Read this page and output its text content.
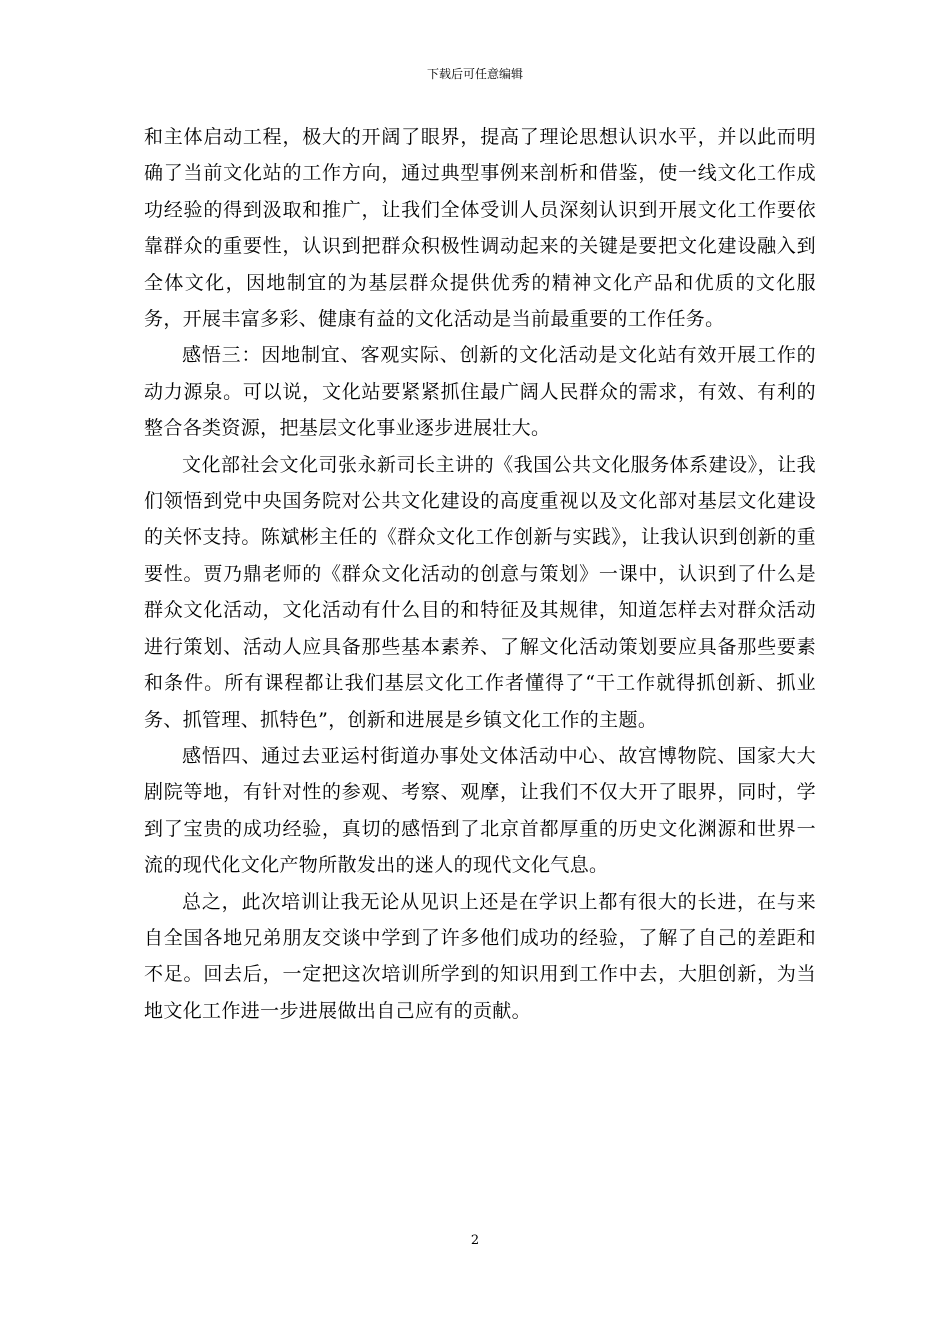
下载后可任意编辑

和主体启动工程，极大的开阔了眼界，提高了理论思想认识水平，并以此而明确了当前文化站的工作方向，通过典型事例来剖析和借鉴，使一线文化工作成功经验的得到汲取和推广，让我们全体受训人员深刻认识到开展文化工作要依靠群众的重要性，认识到把群众积极性调动起来的关键是要把文化建设融入到全体文化，因地制宜的为基层群众提供优秀的精神文化产品和优质的文化服务，开展丰富多彩、健康有益的文化活动是当前最重要的工作任务。

感悟三：因地制宜、客观实际、创新的文化活动是文化站有效开展工作的动力源泉。可以说，文化站要紧紧抓住最广阔人民群众的需求，有效、有利的整合各类资源，把基层文化事业逐步进展壮大。

文化部社会文化司张永新司长主讲的《我国公共文化服务体系建设》，让我们领悟到党中央国务院对公共文化建设的高度重视以及文化部对基层文化建设的关怀支持。陈斌彬主任的《群众文化工作创新与实践》，让我认识到创新的重要性。贾乃鼎老师的《群众文化活动的创意与策划》一课中，认识到了什么是群众文化活动，文化活动有什么目的和特征及其规律，知道怎样去对群众活动进行策划、活动人应具备那些基本素养、了解文化活动策划要应具备那些要素和条件。所有课程都让我们基层文化工作者懂得了“干工作就得抓创新、抓业务、抓管理、抓特色”，创新和进展是乡镇文化工作的主题。

感悟四、通过去亚运村街道办事处文体活动中心、故宫博物院、国家大大剧院等地，有针对性的参观、考察、观摩，让我们不仅大开了眼界，同时，学到了宝贵的成功经验，真切的感悟到了北京首都厚重的历史文化渊源和世界一流的现代化文化产物所散发出的迷人的现代文化气息。

总之，此次培训让我无论从见识上还是在学识上都有很大的长进，在与来自全国各地兄弟朋友交谈中学到了许多他们成功的经验，了解了自己的差距和不足。回去后，一定把这次培训所学到的知识用到工作中去，大胆创新，为当地文化工作进一步进展做出自己应有的贡献。

2
